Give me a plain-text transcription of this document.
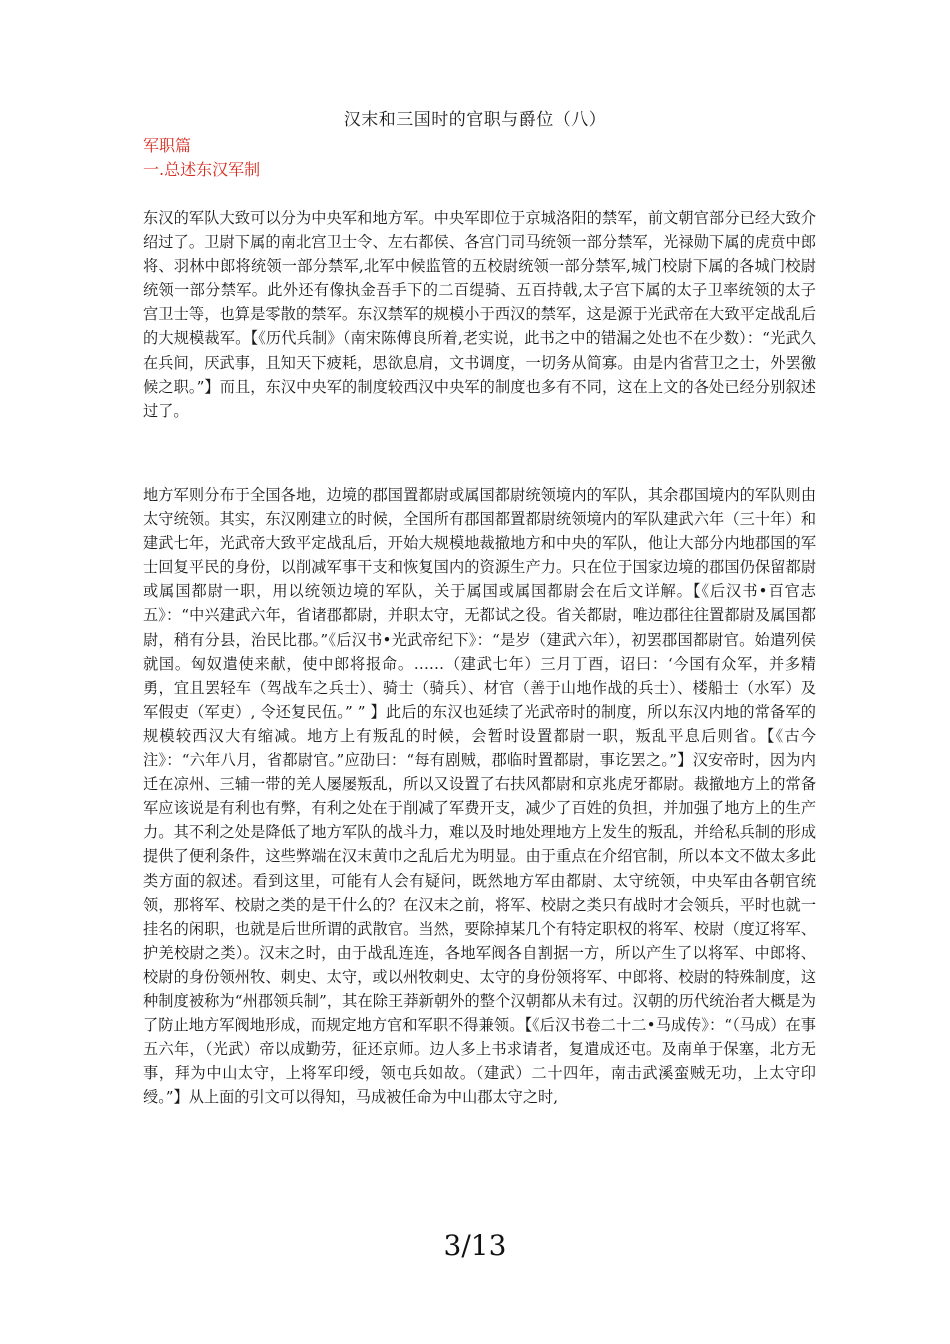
汉末和三国时的官职与爵位（八）
军职篇
一.总述东汉军制

东汉的军队大致可以分为中央军和地方军。中央军即位于京城洛阳的禁军，前文朝官部分已经大致介绍过了。卫尉下属的南北宫卫士令、左右都侯、各宫门司马统领一部分禁军，光禄勋下属的虎贲中郎将、羽林中郎将统领一部分禁军,北军中候监管的五校尉统领一部分禁军,城门校尉下属的各城门校尉统领一部分禁军。此外还有像执金吾手下的二百缇骑、五百持戟,太子宫下属的太子卫率统领的太子宫卫士等，也算是零散的禁军。东汉禁军的规模小于西汉的禁军，这是源于光武帝在大致平定战乱后的大规模裁军。【《历代兵制》（南宋陈傅良所着,老实说，此书之中的错漏之处也不在少数）：“光武久在兵间，厌武事，且知天下疲耗，思欲息肩，文书调度，一切务从简寡。由是内省营卫之士，外罢徼候之职。”】而且，东汉中央军的制度较西汉中央军的制度也多有不同，这在上文的各处已经分别叙述过了。

地方军则分布于全国各地，边境的郡国置都尉或属国都尉统领境内的军队，其余郡国境内的军队则由太守统领。其实，东汉刚建立的时候，全国所有郡国都置都尉统领境内的军队建武六年（三十年）和建武七年，光武帝大致平定战乱后，开始大规模地裁撤地方和中央的军队，他让大部分内地郡国的军士回复平民的身份，以削减军事干支和恢复国内的资源生产力。只在位于国家边境的郡国仍保留都尉或属国都尉一职，用以统领边境的军队，关于属国或属国都尉会在后文详解。【《后汉书•百官志五》：“中兴建武六年，省诸郡都尉，并职太守，无都试之役。省关都尉，唯边郡往往置都尉及属国都尉，稍有分县，治民比郡。”《后汉书•光武帝纪下》：“是岁（建武六年），初罢郡国都尉官。始遣列侯就国。匈奴遣使来献，使中郎将报命。……（建武七年）三月丁酉，诏曰：‘今国有众军，并多精勇，宜且罢轻车（驾战车之兵士）、骑士（骑兵）、材官（善于山地作战的兵士）、楼船士（水军）及军假吏（军吏）, 令还复民伍。” ” 】此后的东汉也延续了光武帝时的制度，所以东汉内地的常备军的规模较西汉大有缩减。地方上有叛乱的时候，会暂时设置都尉一职，叛乱平息后则省。【《古今注》：“六年八月，省都尉官。”应劭曰：“每有剧贼，郡临时置都尉，事讫罢之。”】汉安帝时，因为内迁在凉州、三辅一带的羌人屡屡叛乱，所以又设置了右扶风都尉和京兆虎牙都尉。裁撤地方上的常备军应该说是有利也有弊，有利之处在于削减了军费开支，减少了百姓的负担，并加强了地方上的生产力。其不利之处是降低了地方军队的战斗力，难以及时地处理地方上发生的叛乱，并给私兵制的形成提供了便利条件，这些弊端在汉末黄巾之乱后尤为明显。由于重点在介绍官制，所以本文不做太多此类方面的叙述。看到这里，可能有人会有疑问，既然地方军由都尉、太守统领，中央军由各朝官统领，那将军、校尉之类的是干什么的？在汉末之前，将军、校尉之类只有战时才会领兵，平时也就一挂名的闲职，也就是后世所谓的武散官。当然，要除掉某几个有特定职权的将军、校尉（度辽将军、护羌校尉之类）。汉末之时，由于战乱连连，各地军阀各自割据一方，所以产生了以将军、中郎将、校尉的身份领州牧、刺史、太守，或以州牧刺史、太守的身份领将军、中郎将、校尉的特殊制度，这种制度被称为“州郡领兵制”，其在除王莽新朝外的整个汉朝都从未有过。汉朝的历代统治者大概是为了防止地方军阀地形成，而规定地方官和军职不得兼领。【《后汉书卷二十二•马成传》：“（马成）在事五六年，（光武）帝以成勤劳，征还京师。边人多上书求请者，复遣成还屯。及南单于保塞，北方无事，拜为中山太守，上将军印绶，领屯兵如故。（建武）二十四年，南击武溪蛮贼无功，上太守印绶。”】从上面的引文可以得知，马成被任命为中山郡太守之时,

3/13
